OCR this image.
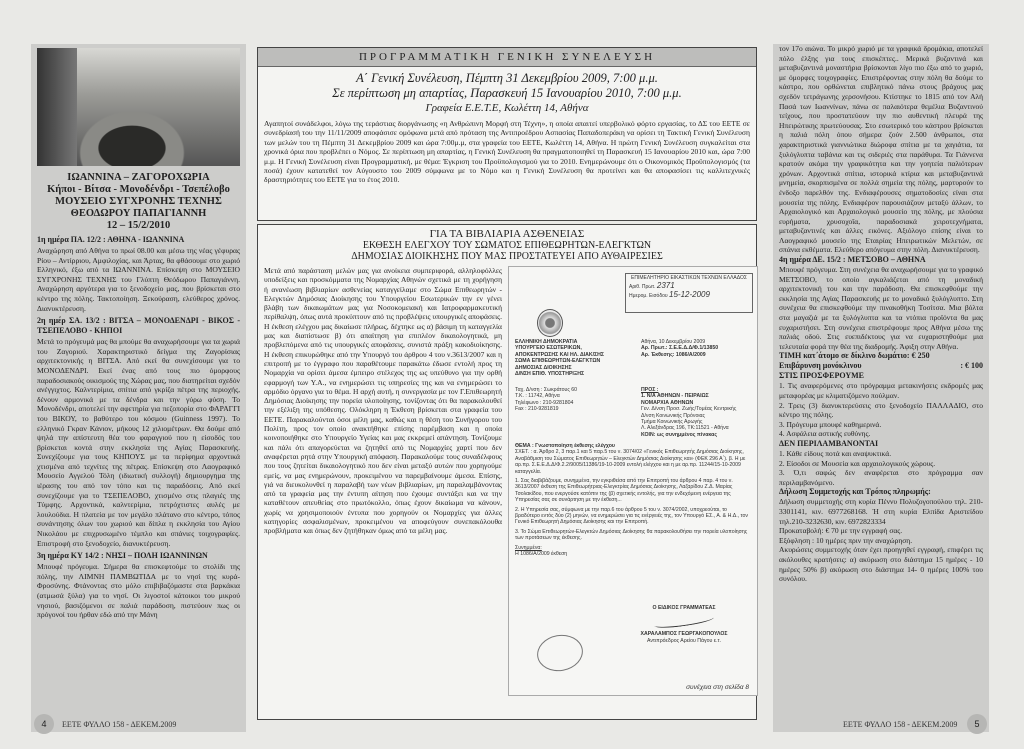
ΙΩΑΝΝΙΝΑ – ΖΑΓΟΡΟΧΩΡΙΑ
Κήποι - Βίτσα - Μονοδένδρι - Τσεπέλοβο
ΜΟΥΣΕΙΟ ΣΥΓΧΡΟΝΗΣ ΤΕΧΝΗΣ
ΘΕΟΔΩΡΟΥ ΠΑΠΑΓΙΑΝΝΗ
12 – 15/2/2010
1η ημέρα ΠΑ. 12/2 : ΑΘΗΝΑ - ΙΩΑΝΝΙΝΑ

Αναχώρηση από Αθήνα το πρωί 08.00 και μέσω της νέας γέφυρας Ρίου – Αντίρριου, Αμφιλοχίας, και Άρτας, θα φθάσουμε στο χωριό Ελληνικό, έξω από τα ΙΩΑΝΝΙΝΑ. Επίσκεψη στο ΜΟΥΣΕΙΟ ΣΥΓΧΡΟΝΗΣ ΤΕΧΝΗΣ του Γλύπτη Θεόδωρου Παπαγιάννη. Αναχώρηση αργότερα για το ξενοδοχείο μας, που βρίσκεται στο κέντρο της πόλης. Τακτοποίηση. Ξεκούραση, ελεύθερος χρόνος. Διανυκτέρευση.

2η ημέρ ΣΑ. 13/2 : ΒΙΤΣΑ – ΜΟΝΟΔΕΝΔΡΙ - ΒΙΚΟΣ - ΤΣΕΠΕΛΟΒΟ - ΚΗΠΟΙ

Μετά το πρόγευμά μας θα μπούμε θα αναχωρήσουμε για τα χωριά του Ζαγοριού. Χαρακτηριστικό δείγμα της Ζαγορίσιας αρχιτεκτονικής η ΒΙΤΣΑ. Από εκεί θα συνεχίσουμε για το ΜΟΝΟΔΕΝΔΡΙ. Εκεί ένας από τους πιο όμορφους παραδοσιακούς οικισμούς της Χώρας μας, που διατηρείται σχεδόν ανέγγιχτος. Καλντερίμια, σπίτια από γκρίζα πέτρα της περιοχής, δένουν αρμονικά με τα δένδρα και την γύρω φύση. Το Μονοδένδρι, αποτελεί την αφετηρία για πεζοπορία στο ΦΑΡΑΓΓΙ του ΒΙΚΟΥ, το βαθύτερο του κόσμου (Guinness 1997). Το ελληνικό Γκραν Κάνιον, μήκους 12 χιλιομέτρων. Θα δούμε από ψηλά την απίστευτη θέα του φαραγγιού που η είσοδός του βρίσκεται κοντά στην εκκλησία της Αγίας Παρασκευής. Συνεχίζουμε για τους ΚΗΠΟΥΣ με τα περίφημα αρχοντικά χτισμένα από τεχνίτες της πέτρας. Επίσκεψη στο Λαογραφικό Μουσείο Αγγελού Τόλη (ιδιωτική συλλογή) δημιουργημα της ιέρασης του από τον τόπο και τις παραδόσεις. Από εκεί συνεχίζουμε για το ΤΣΕΠΕΛΟΒΟ, χτισμένο στις πλαγιές της Τύμφης. Αρχοντικά, καλντερίμια, πετρόχτιστες αυλές με λουλούδια. Η πλατεία με τον μεγάλο πλάτανο στο κέντρο, τόπος συνάντησης όλων του χωριού και δίπλα η εκκλησία του Αγίου Νικολάου με επιχρυσωμένο τέμπλο και σπάνιες τοιχογραφίες. Επιστροφή στο ξενοδοχείο, διανυκτέρευση.

3η ημέρα ΚΥ 14/2 : ΝΗΣΙ – ΠΟΛΗ ΙΩΑΝΝΙΝΩΝ

Μπουφέ πρόγευμα. Σήμερα θα επισκεφτούμε το στολίδι της πόλης, την ΛΙΜΝΗ ΠΑΜΒΩΤΙΔΑ με το νησί της κυρά-Φροσύνης. Φτάνοντας στο μόλο επιβιβαζόμαστε στα βαρκάκια (ατμωσά ξύλα) για το νησί. Οι λιγοστοί κάτοικοι του μικρού νησιού, βασιζόμενοι σε παλιά παράδοση, πιστεύουν πως οι πρόγονοί του ήρθαν εδώ από την Μάνη

ΠΡΟΓΡΑΜΜΑΤΙΚΗ ΓΕΝΙΚΗ ΣΥΝΕΛΕΥΣΗ
Α΄ Γενική Συνέλευση, Πέμπτη 31 Δεκεμβρίου 2009, 7:00 μ.μ.
Σε περίπτωση μη απαρτίας, Παρασκευή 15 Ιανουαρίου 2010, 7:00 μ.μ.
Γραφεία Ε.Ε.Τ.Ε, Κωλέττη 14, Αθήνα

Αγαπητοί συνάδελφοι, λόγω της τεράστιας διοργάνωσης «η Ανθρώπινη Μορφή στη Τέχνη», η οποία απαιτεί υπερβολικό φόρτο εργασίας, το ΔΣ του ΕΕΤΕ σε συνεδρίασή του την 11/11/2009 αποφάσισε ομόφωνα μετά από πρόταση της Αντιπροέδρου Ασπασίας Παπαδοπεράκη να ορίσει τη Τακτική Γενική Συνέλευση των μελών του τη Πέμπτη 31 Δεκεμβρίου 2009 και ώρα 7:00μ.μ, στα γραφεία του ΕΕΤΕ, Κωλέττη 14, Αθήνα. Η πρώτη Γενική Συνέλευση συγκαλείται στα χρονικά όρια που προβλέπει ο Νόμος. Σε περίπτωση μη απαρτίας, η Γενική Συνέλευση θα πραγματοποιηθεί τη Παρασκευή 15 Ιανουαρίου 2010 και, ώρα 7:00 μ.μ. Η Γενική Συνέλευση είναι Προγραμματική, με θέμα: Έγκριση του Προϋπολογισμού για το 2010. Ενημερώνουμε ότι ο Οικονομικός Προϋπολογισμός (τα ποσά) έχουν κατατεθεί τον Αύγουστο του 2009 σύμφωνα με το Νόμο και η Γενική Συνέλευση θα προτείνει και θα αποφασίσει τις καλλιτεχνικές δραστηριότητες του ΕΕΤΕ για το έτος 2010.

ΓΙΑ ΤΑ ΒΙΒΛΙΑΡΙΑ ΑΣΘΕΝΕΙΑΣ
ΕΚΘΕΣΗ ΕΛΕΓΧΟΥ ΤΟΥ ΣΩΜΑΤΟΣ ΕΠΙΘΕΩΡΗΤΩΝ-ΕΛΕΓΚΤΩΝ
ΔΗΜΟΣΙΑΣ ΔΙΟΙΚΗΣΗΣ ΠΟΥ ΜΑΣ ΠΡΟΣΤΑΤΕΥΕΙ ΑΠΟ ΑΥΘΑΙΡΕΣΙΕΣ

Μετά από παράσταση μελών μας για ανοίκεια συμπεριφορά, αλληλοφόλλες υποδείξεις και προσκόμματα της Νομαρχίας Αθηνών σχετικά με τη χορήγηση ή ανανέωση βιβλιαρίων ασθενείας καταγγείλαμε στο Σώμα Επιθεωρητών - Ελεγκτών Δημόσιας Διοίκησης του Υπουργείου Εσωτερικών την εν γένει βλάβη των δικαιωμάτων μας για Νοσοκομειακή και Ιατροφαρμακευτική περίθαλψη, όπως αυτά προκύπτουν από τις προβλέψεις υπουργικές αποφάσεις. Η έκθεση ελέγχου μας δικαίωσε πλήρως, δέχτηκε ως α) βάσιμη τη καταγγελία μας και διαπίστωσε β) ότι απαίτηση για επιπλέον δικαιολογητικά, μη προβλεπόμενα από τις υπουργικές αποφάσεις, συνιστά πράξη κακοδιοίκησης. Η έκθεση επικυρώθηκε από την Υπουργό του άρθρου 4 του ν.3613/2007 και η επιτροπή με το έγγραφο που παραθέτουμε παρακάτω έδωσε εντολή προς τη Νομαρχία να ορίσει άμεσα έμπειρο στέλεχος της ως υπεύθυνο για την ορθή εφαρμογή των Υ.Α., να ενημερώσει τις υπηρεσίες της και να ενημερώσει το αρμόδιο όργανο για το θέμα. Η αρχή αυτή, η συνεργασία με τον Γ.Επιθεωρητή Δημόσιας Διοίκησης την πορεία υλοποίησης, τονίζοντας ότι θα παρακολουθεί την εξέλιξη της υπόθεσης. Ολόκληρη η Έκθεση βρίσκεται στα γραφεία του ΕΕΤΕ. Παρακαλούνται όσοι μέλη μας, καθώς και η θέση του Συνήγορου του Πολίτη, προς τον οποίο ανακτήθηκε επίσης παρέμβαση και η οποία κοινοποιήθηκε στο Υπουργείο Υγείας και μας εκκρεμεί απάντηση. Τονίζουμε και πάλι ότι απαγορεύεται να ζητηθεί από τις Νομαρχίες χαρτί που δεν αναφέρεται ρητά στην Υπουργική απόφαση. Παρακαλούμε τους συναδέλφους που τους ζητείται δικαιολογητικό που δεν είναι μεταξύ αυτών που χορηγούμε εμείς, να μας ενημερώνουν, προκειμένου να παρεμβαίνουμε άμεσα. Επίσης, γιά να διευκολυνθεί η παραλαβή των νέων βιβλιαρίων, μη παραλαμβάνοντας από τα γραφεία μας την έντυπη αίτηση που έχουμε συντάξει και να την καταθέτουν απευθείας στο πρωτόκολλο, όπως έχουν δικαίωμα να κάνουν, χωρίς να χρησιμοποιούν έντυπα που χορηγούν οι Νομαρχίες για άλλες κατηγορίες ασφαλισμένων, προκειμένου να αποφεύγουν συνεπακόλουθα προβλήματα και όπως δεν ζητήθηκαν όμως από τα μέλη μας.

ΕΠΙΜΕΛΗΤΗΡΙΟ ΕΙΚΑΣΤΙΚΩΝ ΤΕΧΝΩΝ ΕΛΛΑΔΟΣ
Αριθ. Πρωτ. 2371
Ημερομ. Εισόδου 15-12-2009
ΕΛΛΗΝΙΚΗ ΔΗΜΟΚΡΑΤΙΑ
ΥΠΟΥΡΓΕΙΟ ΕΣΩΤΕΡΙΚΩΝ,
ΑΠΟΚΕΝΤΡΩΣΗΣ ΚΑΙ ΗΛ. ΔΙΑΚ/ΣΗΣ
ΣΩΜΑ ΕΠΙΘΕΩΡΗΤΩΝ-ΕΛΕΓΚΤΩΝ
ΔΗΜΟΣΙΑΣ ΔΙΟΙΚΗΣΗΣ
Δ/ΝΣΗ ΕΠΙΘ. ΥΠΟΣΤΗΡΙΞΗΣ
Αθήνα, 10 Δεκεμβρίου 2009
Αρ. Πρωτ.: Σ.Ε.Ε.Δ.Δ/Φ.1/13850
Αρ. Έκθεσης: 1086/A/2009
Ταχ. Δ/νση : Σωκράτους 60
Τ.Κ. : 11742, Αθήνα
Τηλέφωνο : 210-9281804
Fax : 210-9281819
ΠΡΟΣ :
1. Ν/Α ΑΘΗΝΩΝ - ΠΕΙΡΑΙΩΣ
ΝΟΜΑΡΧΙΑ ΑΘΗΝΩΝ
Γεν. Δ/νση Προσ. Ζωής/Τομέας Κεντρικής
Δ/νση Κοινωνικής Πρόνοιας
Τμήμα Κοινωνικής Αρωγής
Λ. Αλεξάνδρας 196, ΤΚ:11521 - Αθήνα
ΚΟΙΝ: ως συνημμένος πίνακας
ΘΕΜΑ : Γνωστοποίηση έκθεσης ελέγχου
ΣΧΕΤ. : α. Άρθρο 2, 3 παρ.1 και 5 παρ.5 του ν. 3074/02 «Γενικός Επιθεωρητής Δημόσιας Διοίκησης, Αναβάθμιση του Σώματος Επιθεωρητών – Ελεγκτών Δημόσιας Διοίκησης και» (ΦΕΚ 296 Α΄). β. Η με αρ.πρ. Σ.Ε.Ε.Δ.Δ/Φ.2.2/9005/11386/19-10-2009 εντολή ελέγχου και η με αρ.πρ. 11244/15-10-2009 καταγγελία.
1. Σας διαβιβάζουμε, συνημμένα, την εγκριθείσα από την Επιτροπή του άρθρου 4 παρ. 4 του ν. 3613/2007 έκθεση της Επιθεωρήτριας-Ελεγκτρίας Δημόσιας Διοίκησης, Λαζαρίδου Ζ.Δ. Μαρίας Τσολακίδου, που ενεργούσε κατόπιν της (β) σχετικής εντολής, για την ενδεχόμενη ενέργεια της Υπηρεσίας σας σε συνάρτηση με την έκθεση...
2. Η Υπηρεσία σας, σύμφωνα με την παρ.6 του άρθρου 5 του ν. 3074/2002, υποχρεούται, το βραδύτερο εντός δύο (2) μηνών, να ενημερώσει για τις ενέργειές της, τον Υπουργό ΕΣ., Α. & Η.Δ., τον Γενικό Επιθεωρητή Δημόσιας Διοίκησης και την Επιτροπή.
3. Το Σώμα Επιθεωρητών-Ελεγκτών Δημόσιας Διοίκησης θα παρακολουθήσει την πορεία υλοποίησης των προτάσεων της έκθεσης.
Συνημμένα:
Η 1086/Α/2009 έκθεση
Ο ΕΙΔΙΚΟΣ ΓΡΑΜΜΑΤΕΑΣ
ΧΑΡΑΛΑΜΠΟΣ ΓΕΩΡΓΑΚΟΠΟΥΛΟΣ
Αντιπρόεδρος Αρείου Πάγου ε.τ.
συνέχεια στη σελίδα 8

τον 17ο αιώνα. Το μικρό χωριό με τα γραφικά δρομάκια, αποτελεί πόλο έλξης για τους επισκέπτες.. Μερικά βυζαντινά και μεταβυζαντινά μοναστήρια βρίσκονται λίγο πιο έξω από το χωριό, με όμορφες τοιχογραφίες. Επιστρέφοντας στην πόλη θα δούμε το κάστρο, που ορθώνεται επιβλητικό πάνω στους βράχους μας σχεδόν τετράγωνης χερσονήσου. Κτίστηκε το 1815 από τον Αλή Πασά των Ιωαννίνων, πάνω σε παλαιότερα θεμέλια Βυζαντινού τείχους, που προστατεύουν την πιο αυθεντική πλευρά της Ηπειρώτικης πρωτεύουσας. Στο εσωτερικό του κάστρου βρίσκεται η παλιά πόλη όπου σήμερα ζούν 2.500 άνθρωποι, στα χαρακτηριστικά γιαννιώτικα διώροφα σπίτια με τα χαγιάτια, τα ξυλόγλυπτα ταβάνια και τις σιδεριές στα παράθυρα. Τα Γιάννενα κρατούν ακόμα την γραφικότητα και την γοητεία παλιότερων χρόνων. Αρχοντικά σπίτια, ιστορικά κτίρια και μεταβυζαντινά μνημεία, σκορπισμένα σε πολλά σημεία της πόλης, μαρτυρούν το ένδοξο παρελθόν της. Ενδιαφέρουσες σηματοδοσίες είναι στα μουσεία της πόλης. Ενδιαφέρον παρουσιάζουν μεταξύ άλλων, το Αρχαιολογικό και Αρχαιολογικό μουσείο της πόλης, με πλούσια ευρήματα, χρυσοχοΐα, παραδοσιακά χειροτεχνήματα, μεταβυζαντινές και άλλες εικόνες. Αξιόλογο επίσης είναι το Λαογραφικό μουσείο της Εταιρίας Ηπειρωτικών Μελετών, σε σπάνια εκθέματα. Ελεύθερο απόγευμα στην πόλη. Διανυκτέρευση.

4η ημέρα ΔΕ. 15/2 : ΜΕΤΣΟΒΟ – ΑΘΗΝΑ

Μπουφέ πρόγευμα. Στη συνέχεια θα αναχωρήσουμε για το γραφικό ΜΕΤΣΟΒΟ, το οποίο αγκαλιάζεται από τη μοναδική αρχιτεκτονική του και την παράδοση. Θα επισκεφθούμε την εκκλησία της Αγίας Παρασκευής με το μοναδικό ξυλόγλυπτο. Στη συνέχεια θα επισκεφθούμε την πινακοθήκη Τοσίτσα. Μια βόλτα στα μαγαζιά με τα ξυλόγλυπτα και τα ντόπια προϊόντα θα μας ευχαριστήσει. Στη συνέχεια επιστρέφουμε προς Αθήνα μέσω της παλιάς οδού. Στις ευεπιδέκτους για να ευχαριστηθούμε μια τελευταία φορά την θέα της διαδρομής. Άφιξη στην Αθήνα.

ΤΙΜΗ κατ΄άτομο σε δίκλινο δωμάτιο: € 250
Επιβάρυνση μονόκλινου	: € 100
ΣΤΙΣ ΠΡΟΣΦΕΡΟΥΜΕ
1. Τις αναφερόμενες στο πρόγραμμα μετακινήσεις εκδρομές μας μεταφορέας με κλιματιζόμενο πούλμαν.
2. Τρεις (3) διανυκτερεύσεις στο ξενοδοχείο ΠΑΛΛΑΔΙΟ, στο κέντρο της πόλης.
3. Πρόγευμα μπουφέ καθημερινά.
4. Ασφάλεια αστικής ευθύνης.
ΔΕΝ ΠΕΡΙΛΑΜΒΑΝΟΝΤΑΙ
1. Κάθε είδους ποτά και αναψυκτικά.
2. Είσοδοι σε Μουσεία και αρχαιολογικούς χώρους.
3. Ό,τι σαφώς δεν αναφέρεται στο πρόγραμμα σαν περιλαμβανόμενο.
Δήλωση Συμμετοχής και Τρόπος πληρωμής:

Δήλωση συμμετοχής στη κυρία Πέννυ Πολυζογοπούλου τηλ. 210-3301141, κιν. 6977268168. Ή στη κυρία Ελπίδα Αριστείδου τηλ.210-3232630, κιν. 6972823334

Προκαταβολή: € 70 με την εγγραφή σας.
Εξόφληση : 10 ημέρες πριν την αναχώρηση.

Ακυρώσεις συμμετοχής όταν έχει προηγηθεί εγγραφή, επιφέρει τις ακόλουθες κρατήσεις: α) ακύρωση στο διάστημα 15 ημέρες - 10 ημέρες 50% β) ακύρωση στο διάστημα 14- 0 ημέρες 100% του συνόλου.

4	ΕΕΤΕ ΦΥΛΛΟ 158 - ΔΕΚΕΜ.2009	ΕΕΤΕ ΦΥΛΛΟ 158 - ΔΕΚΕΜ.2009	5
